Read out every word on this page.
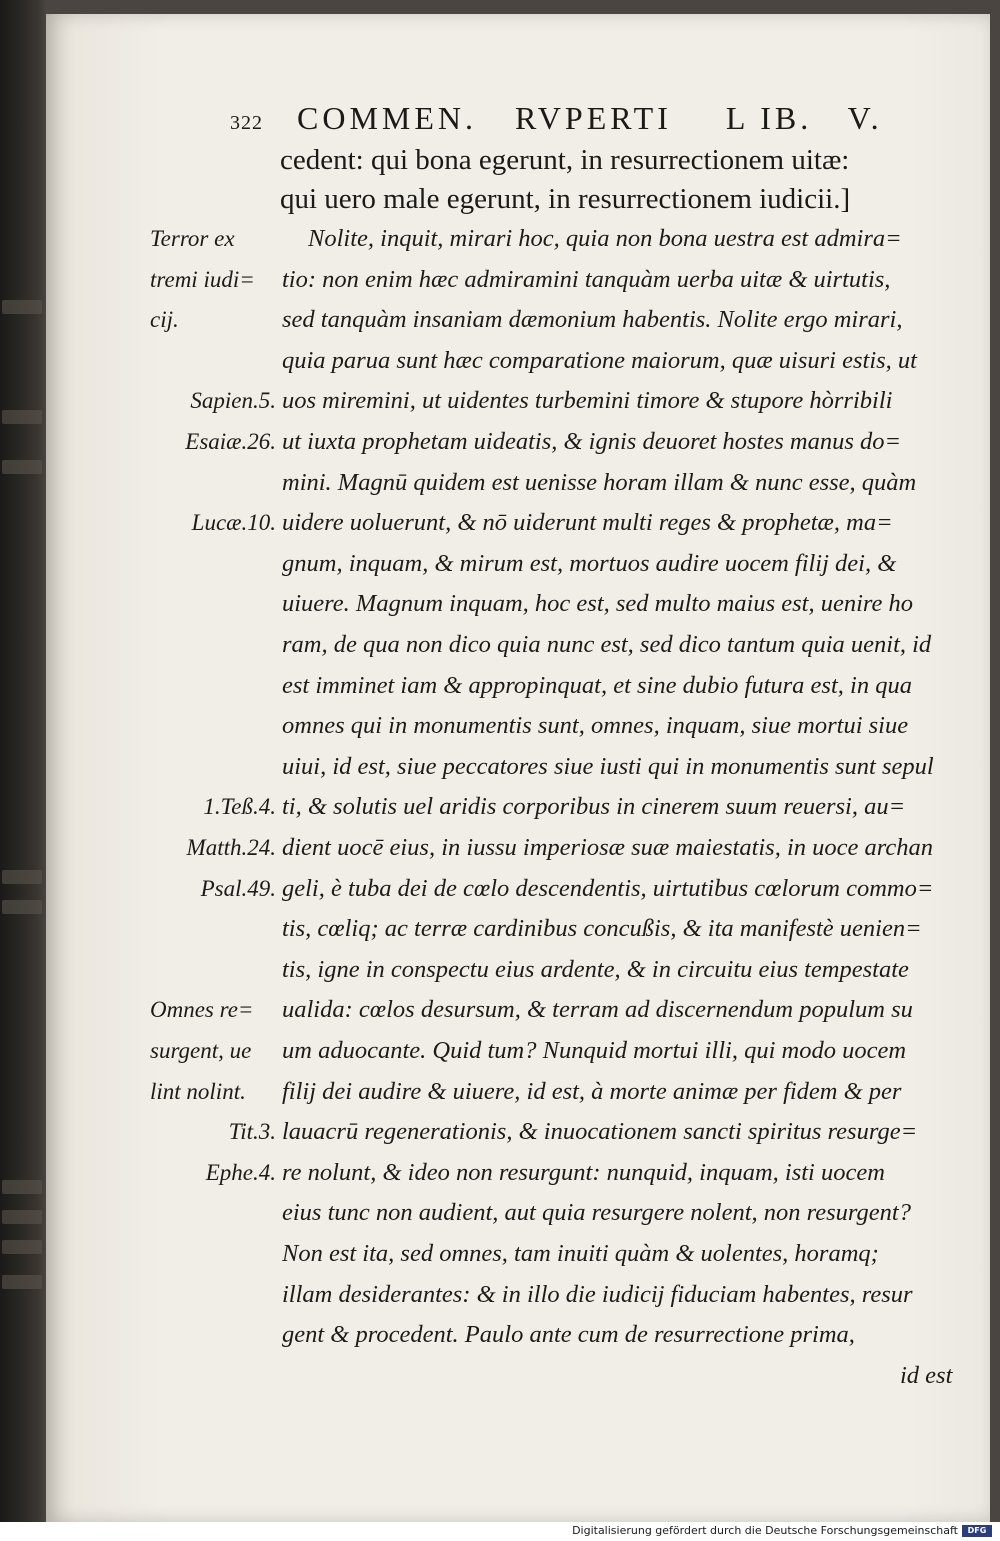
322 COMMEN. RVPERTI L IB. V.
cedent: qui bona egerunt, in resurrectionem uitæ:
qui uero male egerunt, in resurrectionem iudicii.]
Nolite, inquit, mirari hoc, quia non bona uestra est admira=
tio: non enim hæc admiramini tanquàm uerba uitæ & uirtutis,
sed tanquàm insaniam dæmonium habentis. Nolite ergo mirari,
quia parua sunt hæc comparatione maiorum, quæ uisuri estis, ut
uos miremini, ut uidentes turbemini timore & stupore hòrribili
ut iuxta prophetam uideatis, & ignis deuoret hostes manus do=
mini. Magnū quidem est uenisse horam illam & nunc esse, quàm
uidere uoluerunt, & nō uiderunt multi reges & prophetæ, ma=
gnum, inquam, & mirum est, mortuos audire uocem filij dei, &
uiuere. Magnum inquam, hoc est, sed multo maius est, uenire ho
ram, de qua non dico quia nunc est, sed dico tantum quia uenit, id
est imminet iam & appropinquat, et sine dubio futura est, in qua
omnes qui in monumentis sunt, omnes, inquam, siue mortui siue
uiui, id est, siue peccatores siue iusti qui in monumentis sunt sepul
ti, & solutis uel aridis corporibus in cinerem suum reuersi, au=
dient uocē eius, in iussu imperiosæ suæ maiestatis, in uoce archan
geli, è tuba dei de cœlo descendentis, uirtutibus cœlorum commo=
tis, cœliq; ac terræ cardinibus concußis, & ita manifestè uenien=
tis, igne in conspectu eius ardente, & in circuitu eius tempestate
ualida: cœlos desursum, & terram ad discernendum populum su
um aduocante. Quid tum? Nunquid mortui illi, qui modo uocem
filij dei audire & uiuere, id est, à morte animæ per fidem & per
lauacrū regenerationis, & inuocationem sancti spiritus resurge=
re nolunt, & ideo non resurgunt: nunquid, inquam, isti uocem
eius tunc non audient, aut quia resurgere nolent, non resurgent?
Non est ita, sed omnes, tam inuiti quàm & uolentes, horamq;
illam desiderantes: & in illo die iudicij fiduciam habentes, resur
gent & procedent. Paulo ante cum de resurrectione prima,
id est
Terror ex
tremi iudi=
cij.
Sapien.5.
Esaiæ.26.
Lucæ.10.
1.Teß.4.
Matth.24.
Psal.49.
Omnes re=
surgent, ue
lint nolint.
Tit.3.
Ephe.4.
Digitalisierung gefördert durch die Deutsche Forschungsgemeinschaft	DFG
